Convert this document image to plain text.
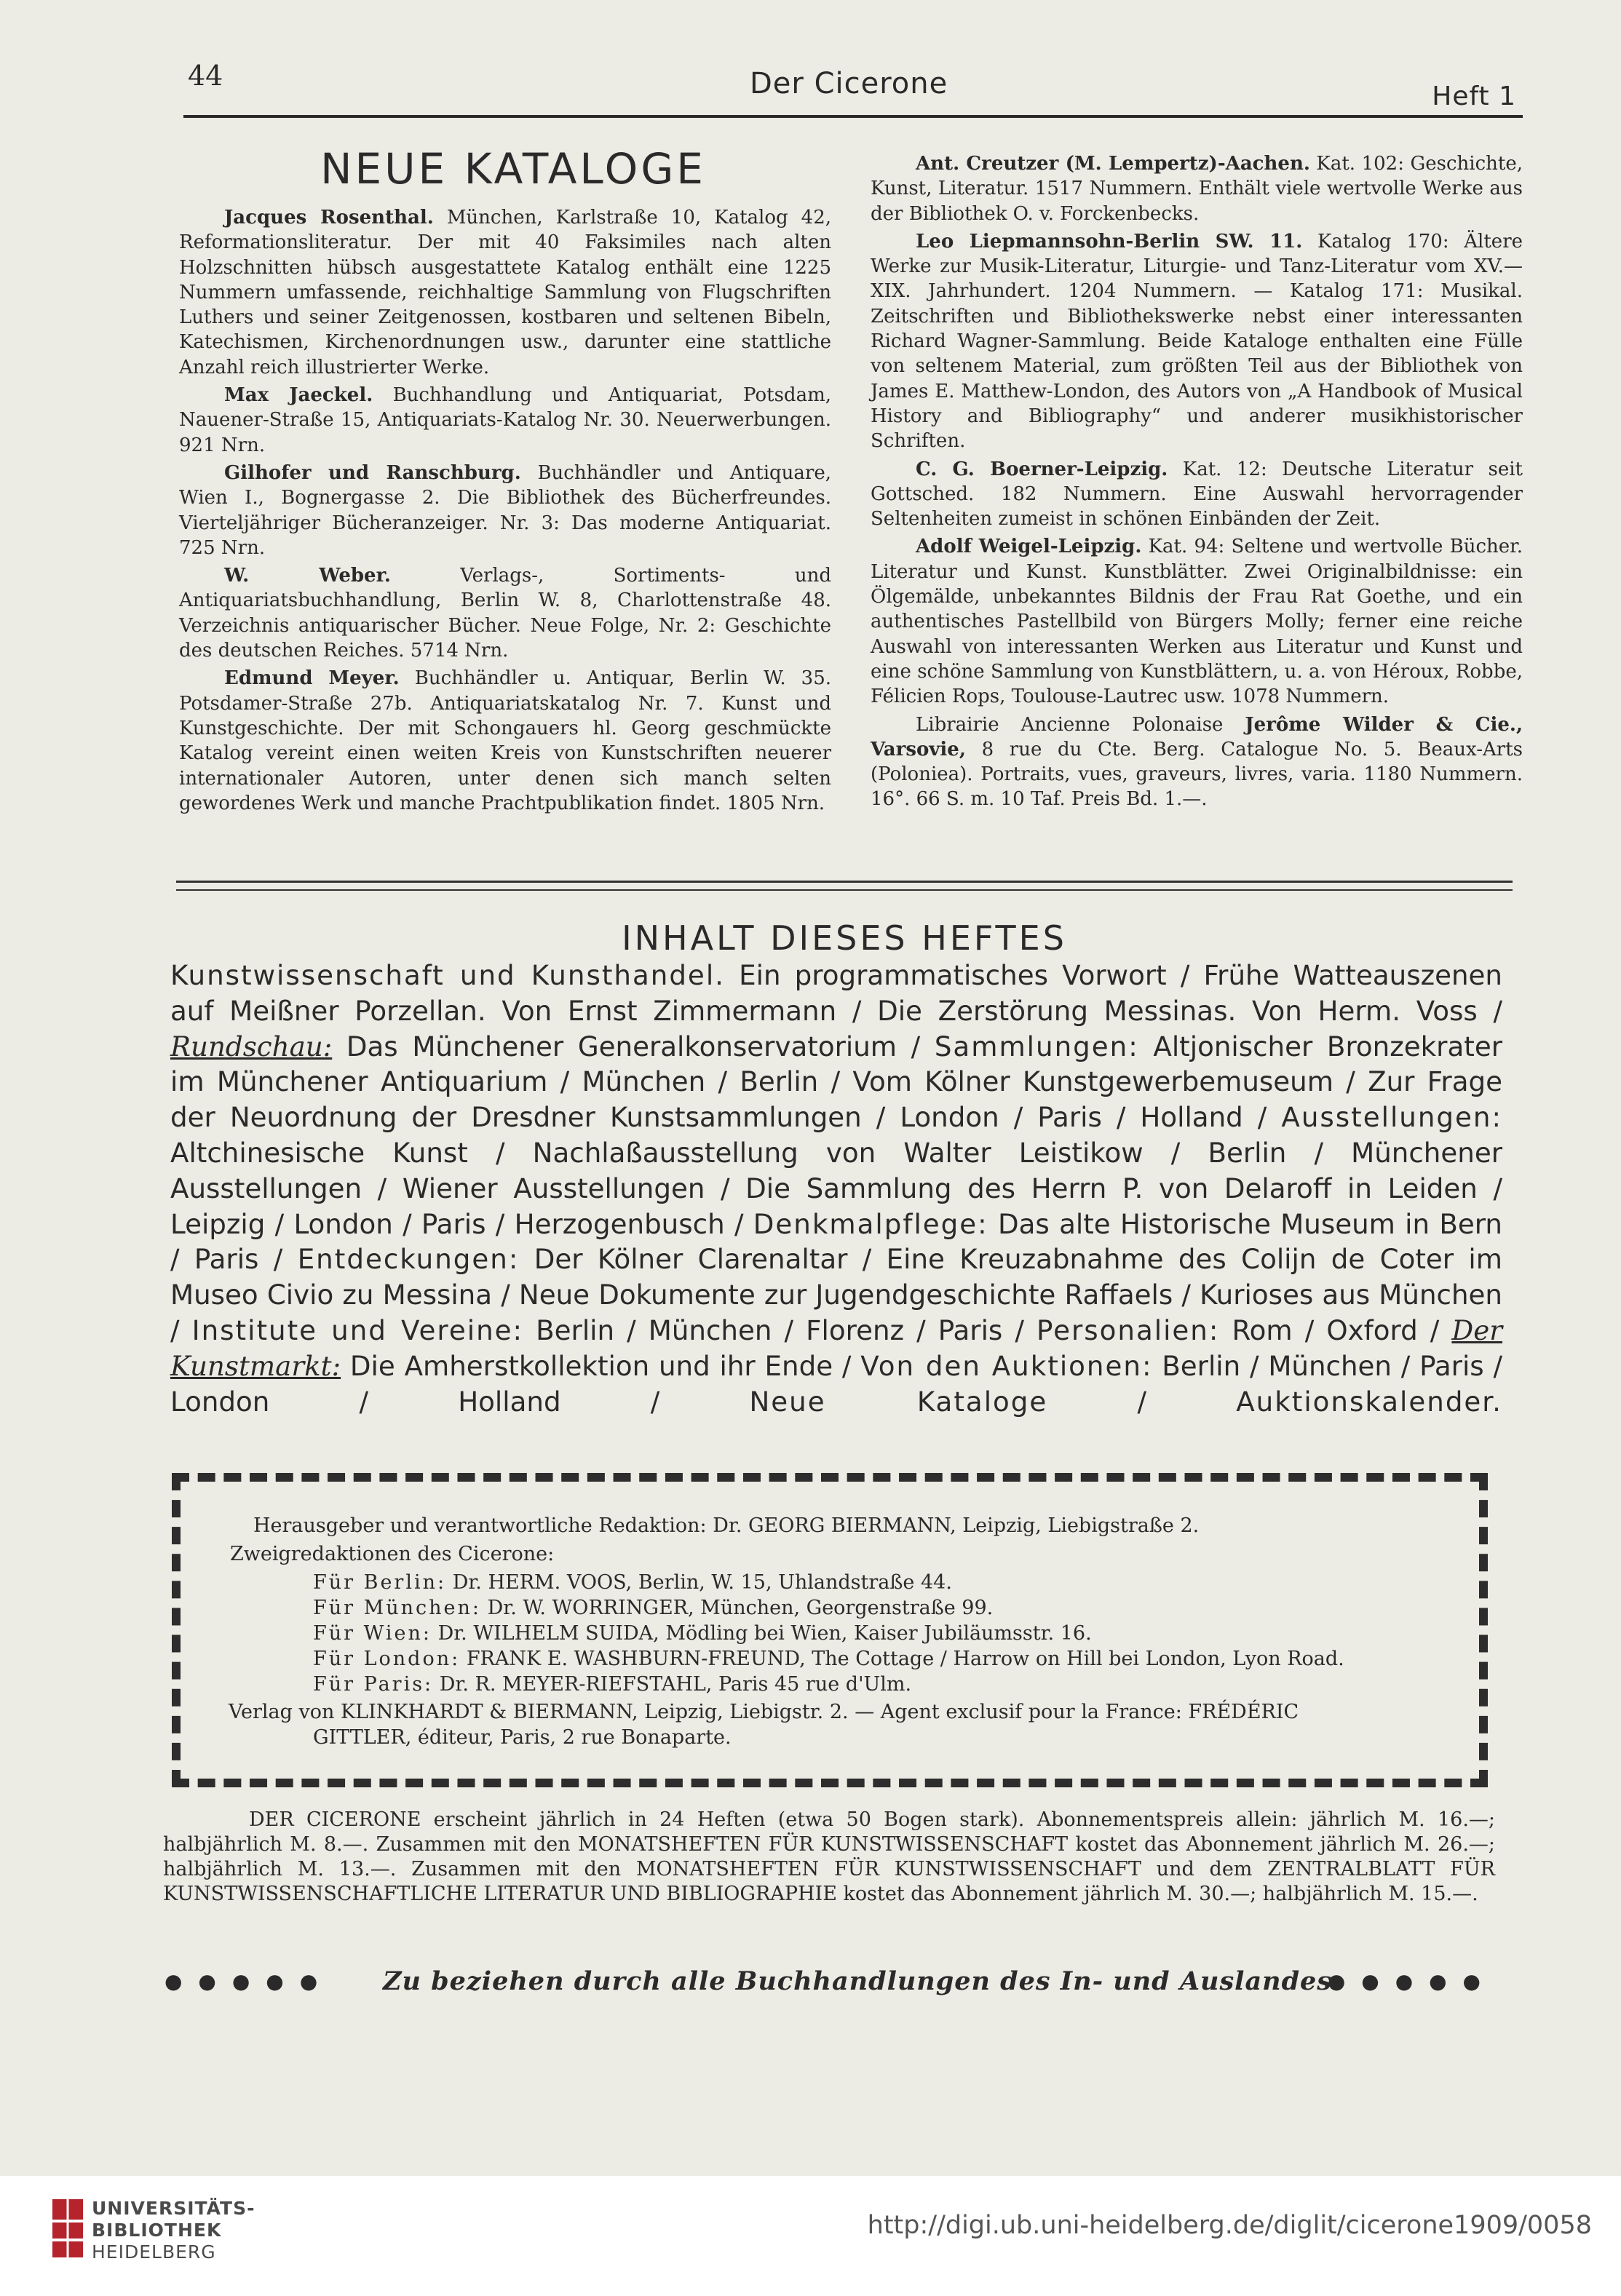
44	Der Cicerone	Heft 1
NEUE KATALOGE

Jacques Rosenthal. München, Karlstraße 10, Katalog 42, Reformationsliteratur. Der mit 40 Faksimiles nach alten Holzschnitten hübsch ausgestattete Katalog enthält eine 1225 Nummern umfassende, reichhaltige Sammlung von Flugschriften Luthers und seiner Zeitgenossen, kostbaren und seltenen Bibeln, Katechismen, Kirchenordnungen usw., darunter eine stattliche Anzahl reich illustrierter Werke.

Max Jaeckel. Buchhandlung und Antiquariat, Potsdam, Nauener-Straße 15, Antiquariats-Katalog Nr. 30. Neuerwerbungen. 921 Nrn.

Gilhofer und Ranschburg. Buchhändler und Antiquare, Wien I., Bognergasse 2. Die Bibliothek des Bücherfreundes. Vierteljähriger Bücheranzeiger. Nr. 3: Das moderne Antiquariat. 725 Nrn.

W. Weber.	Verlags-, Sortiments- und Antiquariatsbuchhandlung, Berlin W. 8, Charlottenstraße 48. Verzeichnis antiquarischer Bücher. Neue Folge, Nr. 2: Geschichte des deutschen Reiches. 5714 Nrn.

Edmund Meyer. Buchhändler u. Antiquar, Berlin W. 35. Potsdamer-Straße 27b. Antiquariatskatalog Nr. 7. Kunst und Kunstgeschichte. Der mit Schongauers hl. Georg geschmückte Katalog vereint einen weiten Kreis von Kunstschriften neuerer internationaler Autoren, unter denen sich manch selten gewordenes Werk und manche Prachtpublikation findet. 1805 Nrn.

Ant. Creutzer (M. Lempertz)-Aachen. Kat. 102: Geschichte, Kunst, Literatur. 1517 Nummern. Enthält viele wertvolle Werke aus der Bibliothek O. v. Forckenbecks.

Leo Liepmannsohn-Berlin SW. 11. Katalog 170: Ältere Werke zur Musik-Literatur, Liturgie- und Tanz-Literatur vom XV.—XIX. Jahrhundert. 1204 Nummern. — Katalog 171: Musikal. Zeitschriften und Bibliothekswerke nebst einer interessanten Richard Wagner-Sammlung. Beide Kataloge enthalten eine Fülle von seltenem Material, zum größten Teil aus der Bibliothek von James E. Matthew-London, des Autors von „A Handbook of Musical History and Bibliography“ und anderer musikhistorischer Schriften.

C. G. Boerner-Leipzig. Kat. 12: Deutsche Literatur seit Gottsched. 182 Nummern. Eine Auswahl hervorragender Seltenheiten zumeist in schönen Einbänden der Zeit.

Adolf Weigel-Leipzig. Kat. 94: Seltene und wertvolle Bücher. Literatur und Kunst. Kunstblätter. Zwei Originalbildnisse: ein Ölgemälde, unbekanntes Bildnis der Frau Rat Goethe, und ein authentisches Pastellbild von Bürgers Molly; ferner eine reiche Auswahl von interessanten Werken aus Literatur und Kunst und eine schöne Sammlung von Kunstblättern, u. a. von Héroux, Robbe, Félicien Rops, Toulouse-Lautrec usw. 1078 Nummern.

Librairie Ancienne Polonaise Jerôme Wilder & Cie., Varsovie, 8 rue du Cte. Berg. Catalogue No. 5. Beaux-Arts (Poloniea). Portraits, vues, graveurs, livres, varia. 1180 Nummern. 16°. 66 S. m. 10 Taf. Preis Bd. 1.—.

INHALT DIESES HEFTES
Kunstwissenschaft und Kunsthandel. Ein programmatisches Vorwort / Frühe Watteauszenen auf Meißner Porzellan. Von Ernst Zimmermann / Die Zerstörung Messinas. Von Herm. Voss / Rundschau: Das Münchener Generalkonservatorium / Sammlungen: Altjonischer Bronzekrater im Münchener Antiquarium / München / Berlin / Vom Kölner Kunstgewerbemuseum / Zur Frage der Neuordnung der Dresdner Kunstsammlungen / London / Paris / Holland / Ausstellungen: Altchinesische Kunst / Nachlaßausstellung von Walter Leistikow / Berlin / Münchener Ausstellungen / Wiener Ausstellungen / Die Sammlung des Herrn P. von Delaroff in Leiden / Leipzig / London / Paris / Herzogenbusch / Denkmalpflege: Das alte Historische Museum in Bern / Paris / Entdeckungen: Der Kölner Clarenaltar / Eine Kreuzabnahme des Colijn de Coter im Museo Civio zu Messina / Neue Dokumente zur Jugendgeschichte Raffaels / Kurioses aus München / Institute und Vereine: Berlin / München / Florenz / Paris / Personalien: Rom / Oxford / Der Kunstmarkt: Die Amherstkollektion und ihr Ende / Von den Auktionen: Berlin / München / Paris / London / Holland /	Neue Kataloge	/	Auktionskalender.
Herausgeber und verantwortliche Redaktion: Dr. GEORG BIERMANN, Leipzig, Liebigstraße 2.
Zweigredaktionen des Cicerone:
Für Berlin: Dr. HERM. VOOS, Berlin, W. 15, Uhlandstraße 44.
Für München: Dr. W. WORRINGER, München, Georgenstraße 99.
Für Wien: Dr. WILHELM SUIDA, Mödling bei Wien, Kaiser Jubiläumsstr. 16.
Für London: FRANK E. WASHBURN-FREUND, The Cottage / Harrow on Hill bei London, Lyon Road.
Für Paris: Dr. R. MEYER-RIEFSTAHL, Paris 45 rue d'Ulm.
Verlag von KLINKHARDT & BIERMANN, Leipzig, Liebigstr. 2. — Agent exclusif pour la France: FRÉDÉRIC
GITTLER, éditeur, Paris, 2 rue Bonaparte.

DER CICERONE erscheint jährlich in 24 Heften (etwa 50 Bogen stark). Abonnementspreis allein: jährlich M. 16.—; halbjährlich M. 8.—. Zusammen mit den MONATSHEFTEN FÜR KUNSTWISSENSCHAFT kostet das Abonnement jährlich M. 26.—; halbjährlich M. 13.—. Zusammen mit den MONATSHEFTEN FÜR KUNSTWISSENSCHAFT und dem ZENTRALBLATT FÜR KUNSTWISSENSCHAFTLICHE LITERATUR UND BIBLIOGRAPHIE kostet das Abonnement jährlich M. 30.—; halbjährlich M. 15.—.

●●●●● Zu beziehen durch alle Buchhandlungen des In- und Auslandes.
●●●●●
UNIVERSITÄTS-
BIBLIOTHEK
HEIDELBERG
http://digi.ub.uni-heidelberg.de/diglit/cicerone1909/0058
